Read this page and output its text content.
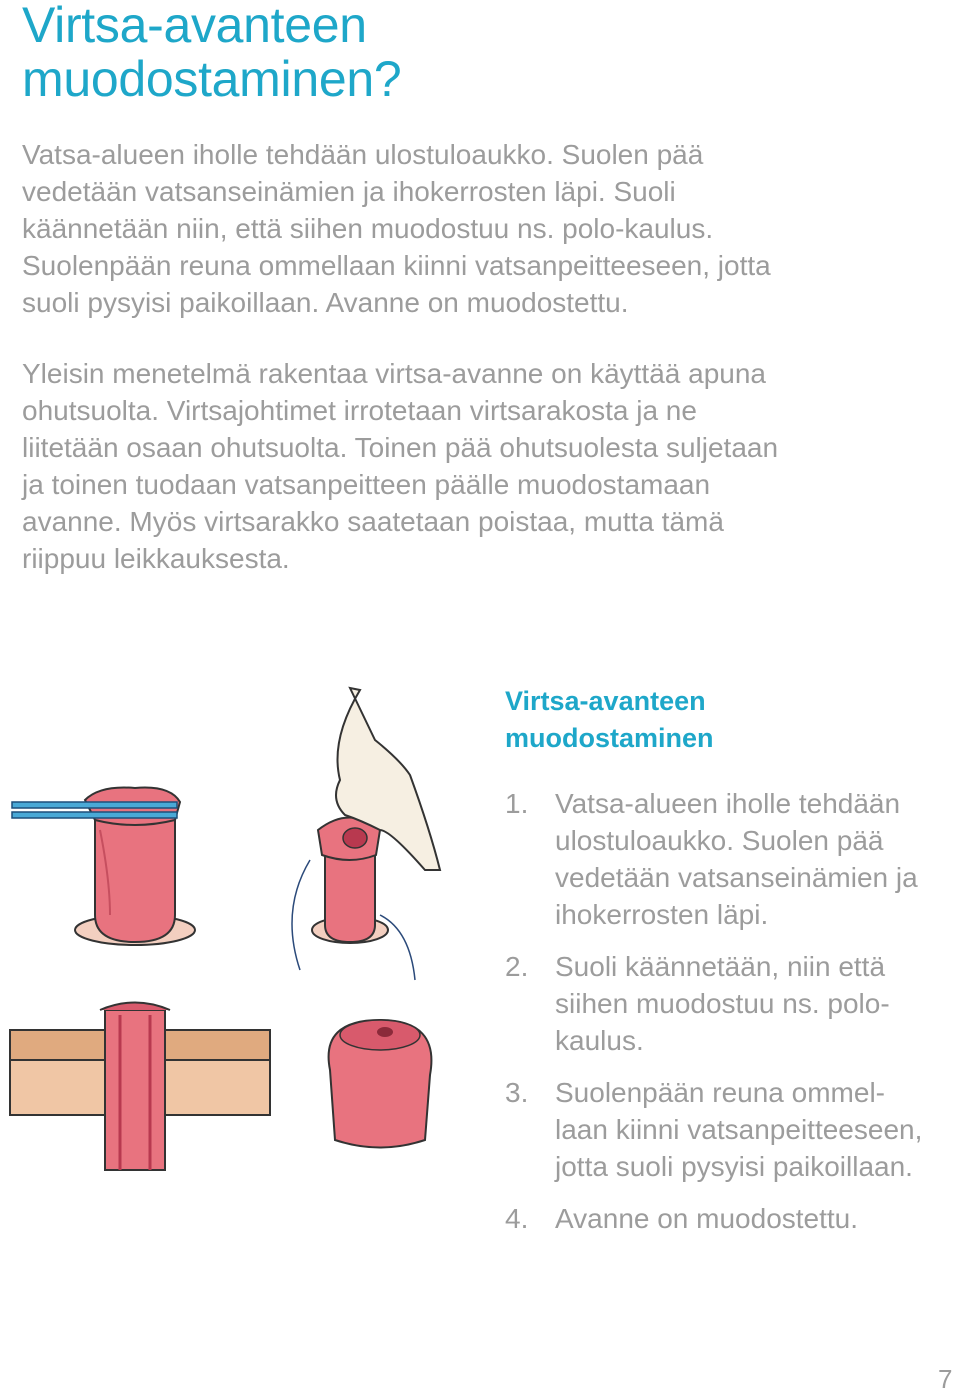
Virtsa-avanteen
muodostaminen?

Vatsa-alueen iholle tehdään ulostuloaukko. Suolen pää
vedetään vatsanseinämien ja ihokerrosten läpi. Suoli
käännetään niin, että siihen muodostuu ns. polo-kaulus.
Suolenpään reuna ommellaan kiinni vatsanpeitteeseen, jotta
suoli pysyisi paikoillaan. Avanne on muodostettu.

Yleisin menetelmä rakentaa virtsa-avanne on käyttää apuna
ohutsuolta. Virtsajohtimet irrotetaan virtsarakosta ja ne
liitetään osaan ohutsuolta. Toinen pää ohutsuolesta suljetaan
ja toinen tuodaan vatsanpeitteen päälle muodostamaan
avanne. Myös virtsarakko saatetaan poistaa, mutta tämä
riippuu leikkauksesta.

Virtsa-avanteen
muodostaminen
1. Vatsa-alueen iholle tehdään
ulostuloaukko. Suolen pää
vedetään vatsanseinämien ja
ihokerrosten läpi.
2. Suoli käännetään, niin että
siihen muodostuu ns. polo-
kaulus.
3. Suolenpään reuna ommel-
laan kiinni vatsanpeitteeseen,
jotta suoli pysyisi paikoillaan.
4. Avanne on muodostettu.
7
